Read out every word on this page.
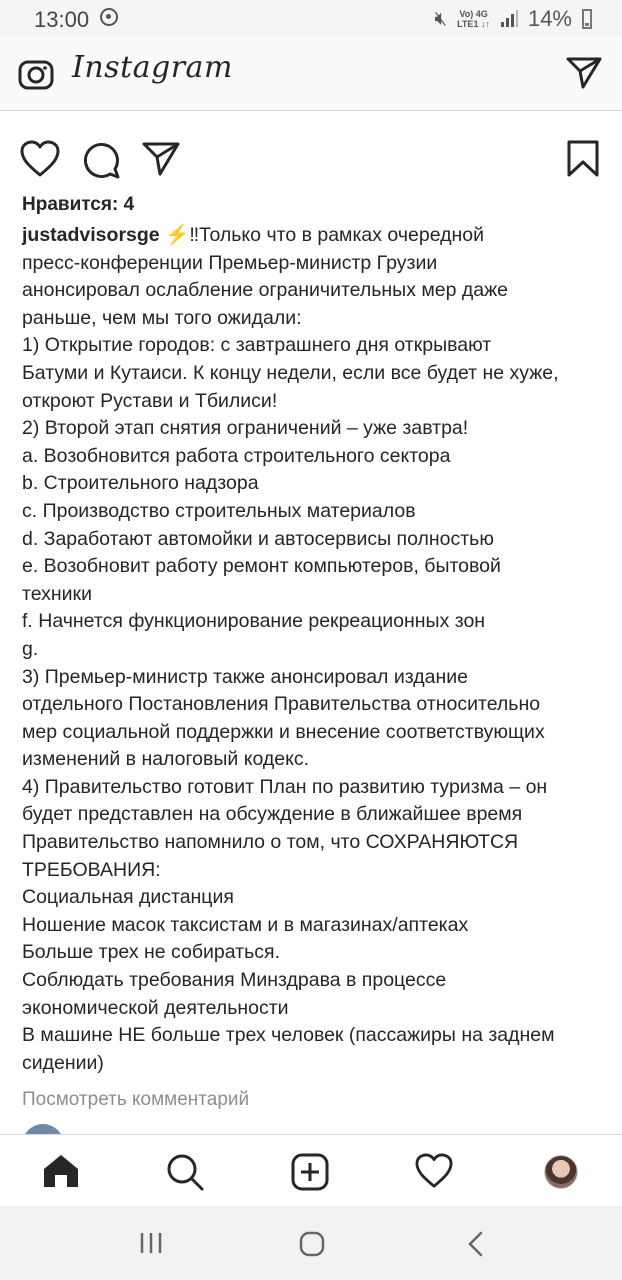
13:00	🔇︎ Vo) 4G
LTE1 ↓↑ 14%
Instagram
Нравится: 4
justadvisorsge ⚡‼Только что в рамках очередной
пресс-конференции Премьер-министр Грузии
анонсировал ослабление ограничительных мер даже
раньше, чем мы того ожидали:
1) Открытие городов: с завтрашнего дня открывают
Батуми и Кутаиси. К концу недели, если все будет не хуже,
откроют Рустави и Тбилиси!
2) Второй этап снятия ограничений – уже завтра!
a. Возобновится работа строительного сектора
b. Строительного надзора
c. Производство строительных материалов
d. Заработают автомойки и автосервисы полностью
e. Возобновит работу ремонт компьютеров, бытовой
техники
f. Начнется функционирование рекреационных зон
g.
3) Премьер-министр также анонсировал издание
отдельного Постановления Правительства относительно
мер социальной поддержки и внесение соответствующих
изменений в налоговый кодекс.
4) Правительство готовит План по развитию туризма – он
будет представлен на обсуждение в ближайшее время
Правительство напомнило о том, что СОХРАНЯЮТСЯ
ТРЕБОВАНИЯ:
Социальная дистанция
Ношение масок таксистам и в магазинах/аптеках
Больше трех не собираться.
Соблюдать требования Минздрава в процессе
экономической деятельности
В машине НЕ больше трех человек (пассажиры на заднем
сидении)
Посмотреть комментарий
